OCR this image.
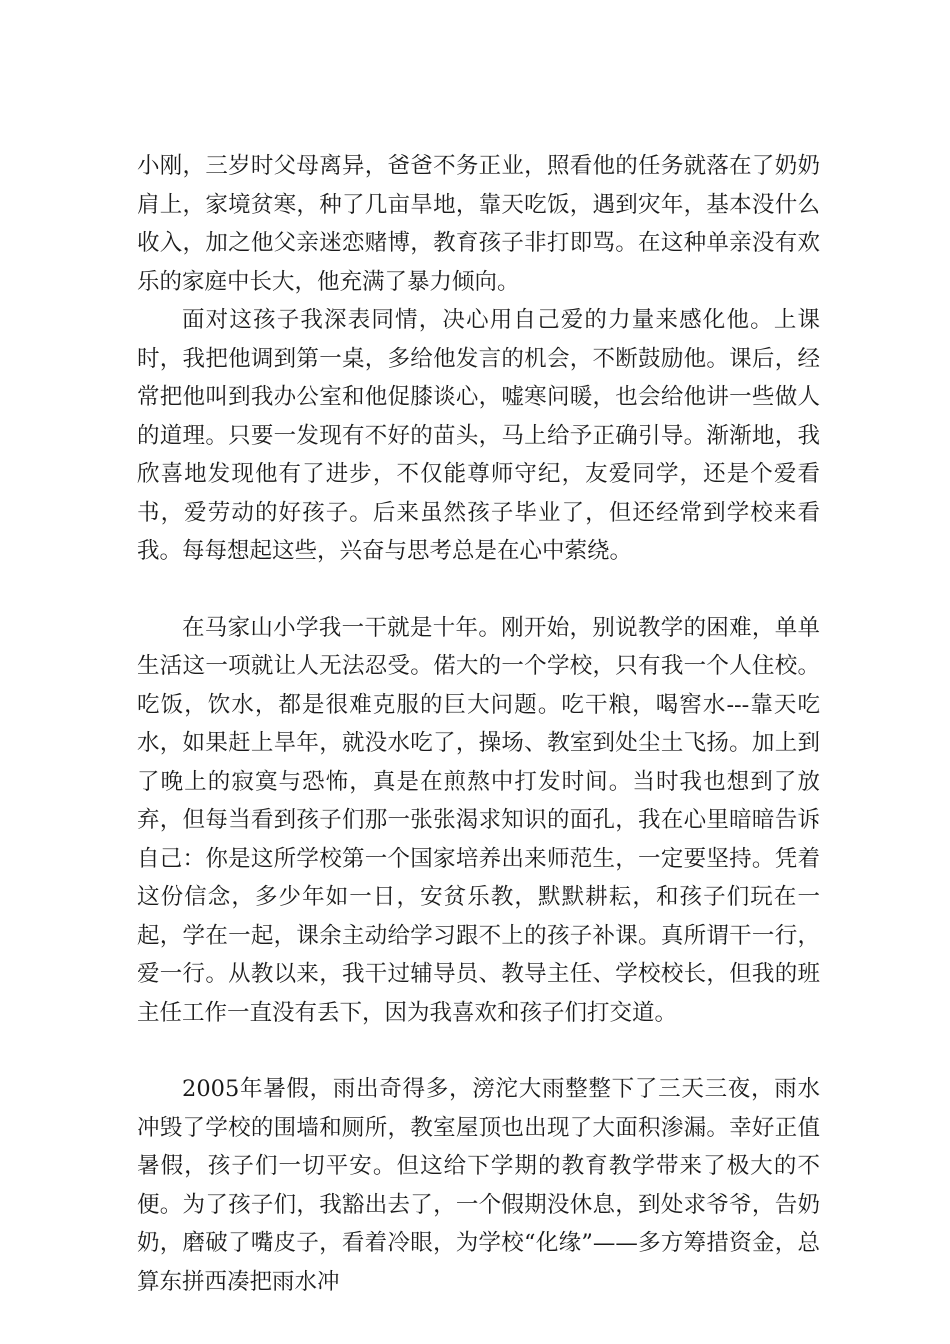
小刚，三岁时父母离异，爸爸不务正业，照看他的任务就落在了奶奶肩上，家境贫寒，种了几亩旱地，靠天吃饭，遇到灾年，基本没什么收入，加之他父亲迷恋赌博，教育孩子非打即骂。在这种单亲没有欢乐的家庭中长大，他充满了暴力倾向。

面对这孩子我深表同情，决心用自己爱的力量来感化他。上课时，我把他调到第一桌，多给他发言的机会，不断鼓励他。课后，经常把他叫到我办公室和他促膝谈心，嘘寒问暖，也会给他讲一些做人的道理。只要一发现有不好的苗头，马上给予正确引导。渐渐地，我欣喜地发现他有了进步，不仅能尊师守纪，友爱同学，还是个爱看书，爱劳动的好孩子。后来虽然孩子毕业了，但还经常到学校来看我。每每想起这些，兴奋与思考总是在心中萦绕。

在马家山小学我一干就是十年。刚开始，别说教学的困难，单单生活这一项就让人无法忍受。偌大的一个学校，只有我一个人住校。吃饭，饮水，都是很难克服的巨大问题。吃干粮，喝窖水---靠天吃水，如果赶上旱年，就没水吃了，操场、教室到处尘土飞扬。加上到了晚上的寂寞与恐怖，真是在煎熬中打发时间。当时我也想到了放弃，但每当看到孩子们那一张张渴求知识的面孔，我在心里暗暗告诉自己：你是这所学校第一个国家培养出来师范生，一定要坚持。凭着这份信念，多少年如一日，安贫乐教，默默耕耘，和孩子们玩在一起，学在一起，课余主动给学习跟不上的孩子补课。真所谓干一行，爱一行。从教以来，我干过辅导员、教导主任、学校校长，但我的班主任工作一直没有丢下，因为我喜欢和孩子们打交道。

2005年暑假，雨出奇得多，滂沱大雨整整下了三天三夜，雨水冲毁了学校的围墙和厕所，教室屋顶也出现了大面积渗漏。幸好正值暑假，孩子们一切平安。但这给下学期的教育教学带来了极大的不便。为了孩子们，我豁出去了，一个假期没休息，到处求爷爷，告奶奶，磨破了嘴皮子，看着冷眼，为学校“化缘”——多方筹措资金，总算东拼西凑把雨水冲
